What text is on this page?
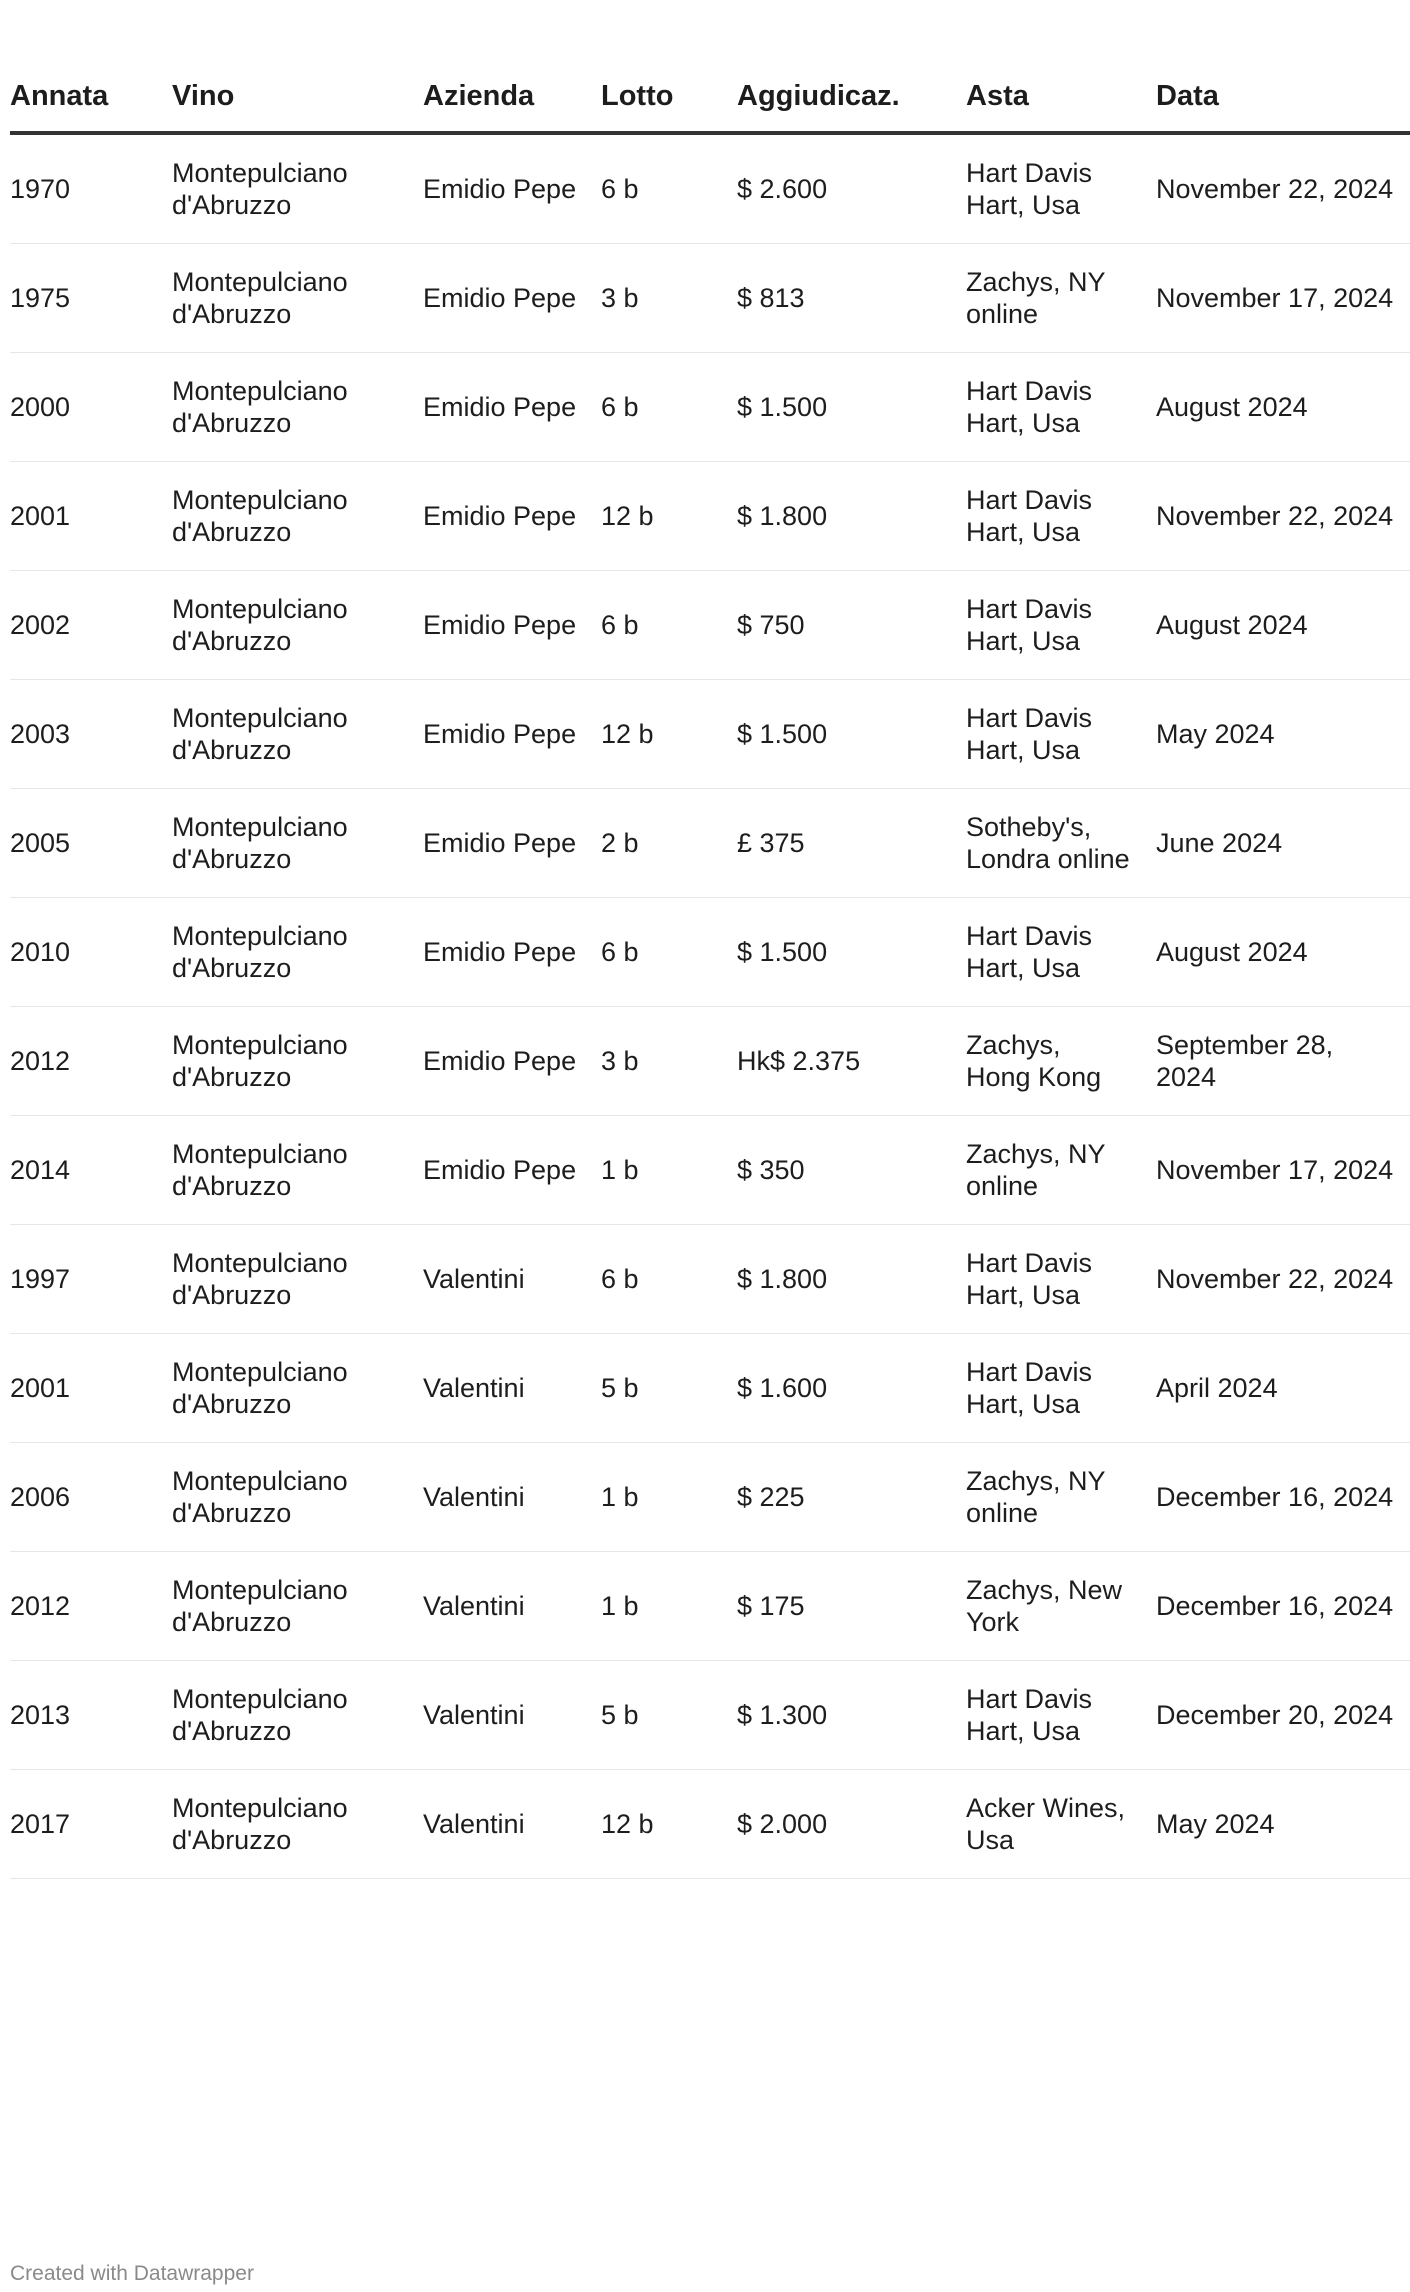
Annata	Vino	Azienda	Lotto	Aggiudicaz.	Asta	Data
1970	Montepulciano d'Abruzzo	Emidio Pepe	6 b	$ 2.600	Hart Davis Hart, Usa	November 22, 2024
1975	Montepulciano d'Abruzzo	Emidio Pepe	3 b	$ 813	Zachys, NY online	November 17, 2024
2000	Montepulciano d'Abruzzo	Emidio Pepe	6 b	$ 1.500	Hart Davis Hart, Usa	August 2024
2001	Montepulciano d'Abruzzo	Emidio Pepe	12 b	$ 1.800	Hart Davis Hart, Usa	November 22, 2024
2002	Montepulciano d'Abruzzo	Emidio Pepe	6 b	$ 750	Hart Davis Hart, Usa	August 2024
2003	Montepulciano d'Abruzzo	Emidio Pepe	12 b	$ 1.500	Hart Davis Hart, Usa	May 2024
2005	Montepulciano d'Abruzzo	Emidio Pepe	2 b	£ 375	Sotheby's, Londra online	June 2024
2010	Montepulciano d'Abruzzo	Emidio Pepe	6 b	$ 1.500	Hart Davis Hart, Usa	August 2024
2012	Montepulciano d'Abruzzo	Emidio Pepe	3 b	Hk$ 2.375	Zachys, Hong Kong	September 28, 2024
2014	Montepulciano d'Abruzzo	Emidio Pepe	1 b	$ 350	Zachys, NY online	November 17, 2024
1997	Montepulciano d'Abruzzo	Valentini	6 b	$ 1.800	Hart Davis Hart, Usa	November 22, 2024
2001	Montepulciano d'Abruzzo	Valentini	5 b	$ 1.600	Hart Davis Hart, Usa	April 2024
2006	Montepulciano d'Abruzzo	Valentini	1 b	$ 225	Zachys, NY online	December 16, 2024
2012	Montepulciano d'Abruzzo	Valentini	1 b	$ 175	Zachys, New York	December 16, 2024
2013	Montepulciano d'Abruzzo	Valentini	5 b	$ 1.300	Hart Davis Hart, Usa	December 20, 2024
2017	Montepulciano d'Abruzzo	Valentini	12 b	$ 2.000	Acker Wines, Usa	May 2024
Created with Datawrapper
